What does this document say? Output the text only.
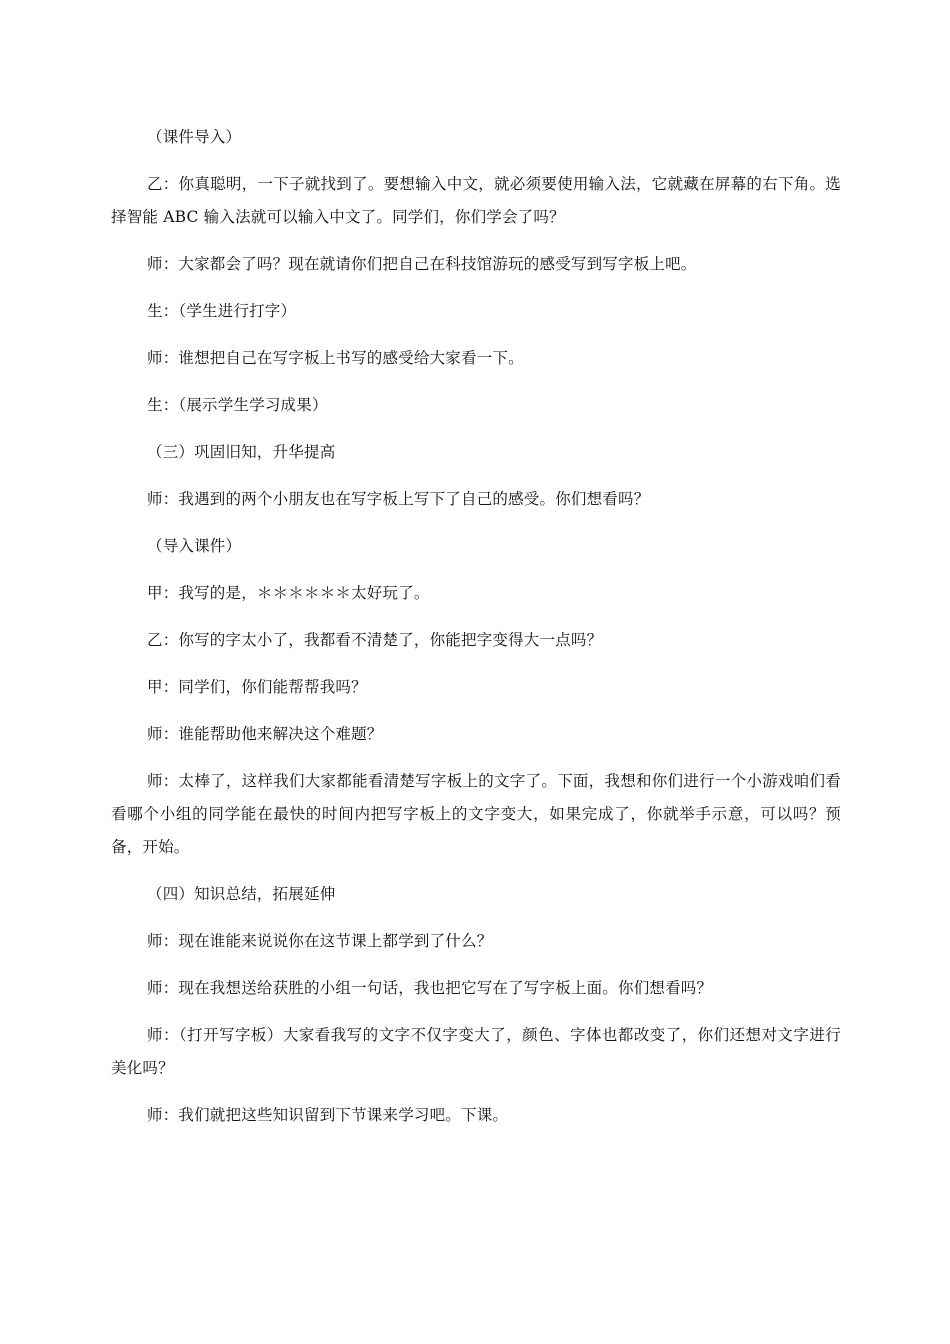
（课件导入）

乙：你真聪明，一下子就找到了。要想输入中文，就必须要使用输入法，它就藏在屏幕的右下角。选择智能 ABC 输入法就可以输入中文了。同学们，你们学会了吗？

师：大家都会了吗？现在就请你们把自己在科技馆游玩的感受写到写字板上吧。

生：（学生进行打字）

师：谁想把自己在写字板上书写的感受给大家看一下。

生：（展示学生学习成果）

（三）巩固旧知，升华提高

师：我遇到的两个小朋友也在写字板上写下了自己的感受。你们想看吗？

（导入课件）

甲：我写的是，＊＊＊＊＊＊太好玩了。

乙：你写的字太小了，我都看不清楚了，你能把字变得大一点吗？

甲：同学们，你们能帮帮我吗？

师：谁能帮助他来解决这个难题？

师：太棒了，这样我们大家都能看清楚写字板上的文字了。下面，我想和你们进行一个小游戏咱们看看哪个小组的同学能在最快的时间内把写字板上的文字变大，如果完成了，你就举手示意，可以吗？预备，开始。

（四）知识总结，拓展延伸

师：现在谁能来说说你在这节课上都学到了什么？

师：现在我想送给获胜的小组一句话，我也把它写在了写字板上面。你们想看吗？

师：（打开写字板）大家看我写的文字不仅字变大了，颜色、字体也都改变了，你们还想对文字进行美化吗？

师：我们就把这些知识留到下节课来学习吧。下课。
